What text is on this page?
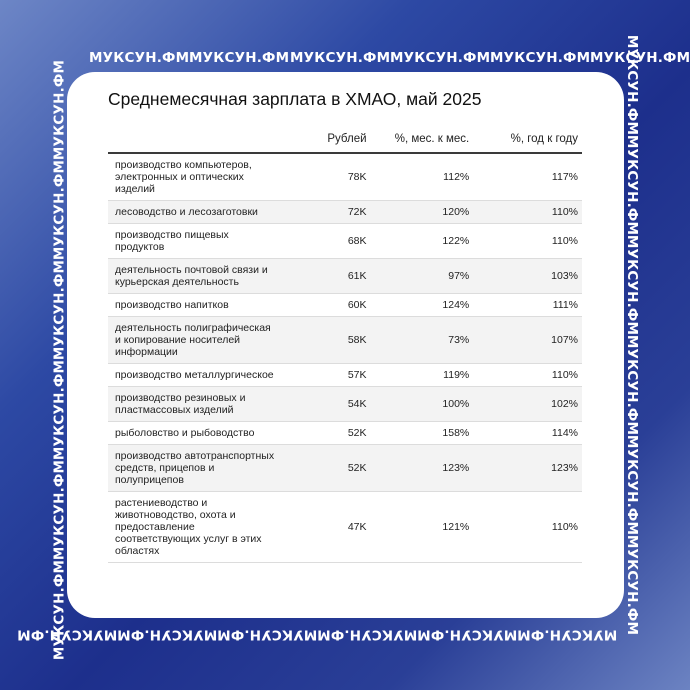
МУКСУН.ФМ МУКСУН.ФМ МУКСУН.ФМ МУКСУН.ФМ МУКСУН.ФМ МУКСУН.ФМ
МУКСУН.ФМ МУКСУН.ФМ МУКСУН.ФМ МУКСУН.ФМ МУКСУН.ФМ МУКСУН.ФМ
МУКСУН.ФМ
МУКСУН.ФМ
МУКСУН.ФМ
МУКСУН.ФМ
МУКСУН.ФМ
МУКСУН.ФМ
МУКСУН.ФМ
МУКСУН.ФМ
МУКСУН.ФМ
МУКСУН.ФМ
МУКСУН.ФМ
МУКСУН.ФМ
Среднемесячная зарплата в ХМАО, май 2025
	Рублей	%, мес. к мес.	%, год к году
производство компьютеров, электронных и оптических изделий	78K	112%	117%
лесоводство и лесозаготовки	72K	120%	110%
производство пищевых продуктов	68K	122%	110%
деятельность почтовой связи и курьерская деятельность	61K	97%	103%
производство напитков	60K	124%	111%
деятельность полиграфическая и копирование носителей информации	58K	73%	107%
производство металлургическое	57K	119%	110%
производство резиновых и пластмассовых изделий	54K	100%	102%
рыболовство и рыбоводство	52K	158%	114%
производство автотранспортных средств, прицепов и полуприцепов	52K	123%	123%
растениеводство и животноводство, охота и предоставление соответствующих услуг в этих областях	47K	121%	110%
